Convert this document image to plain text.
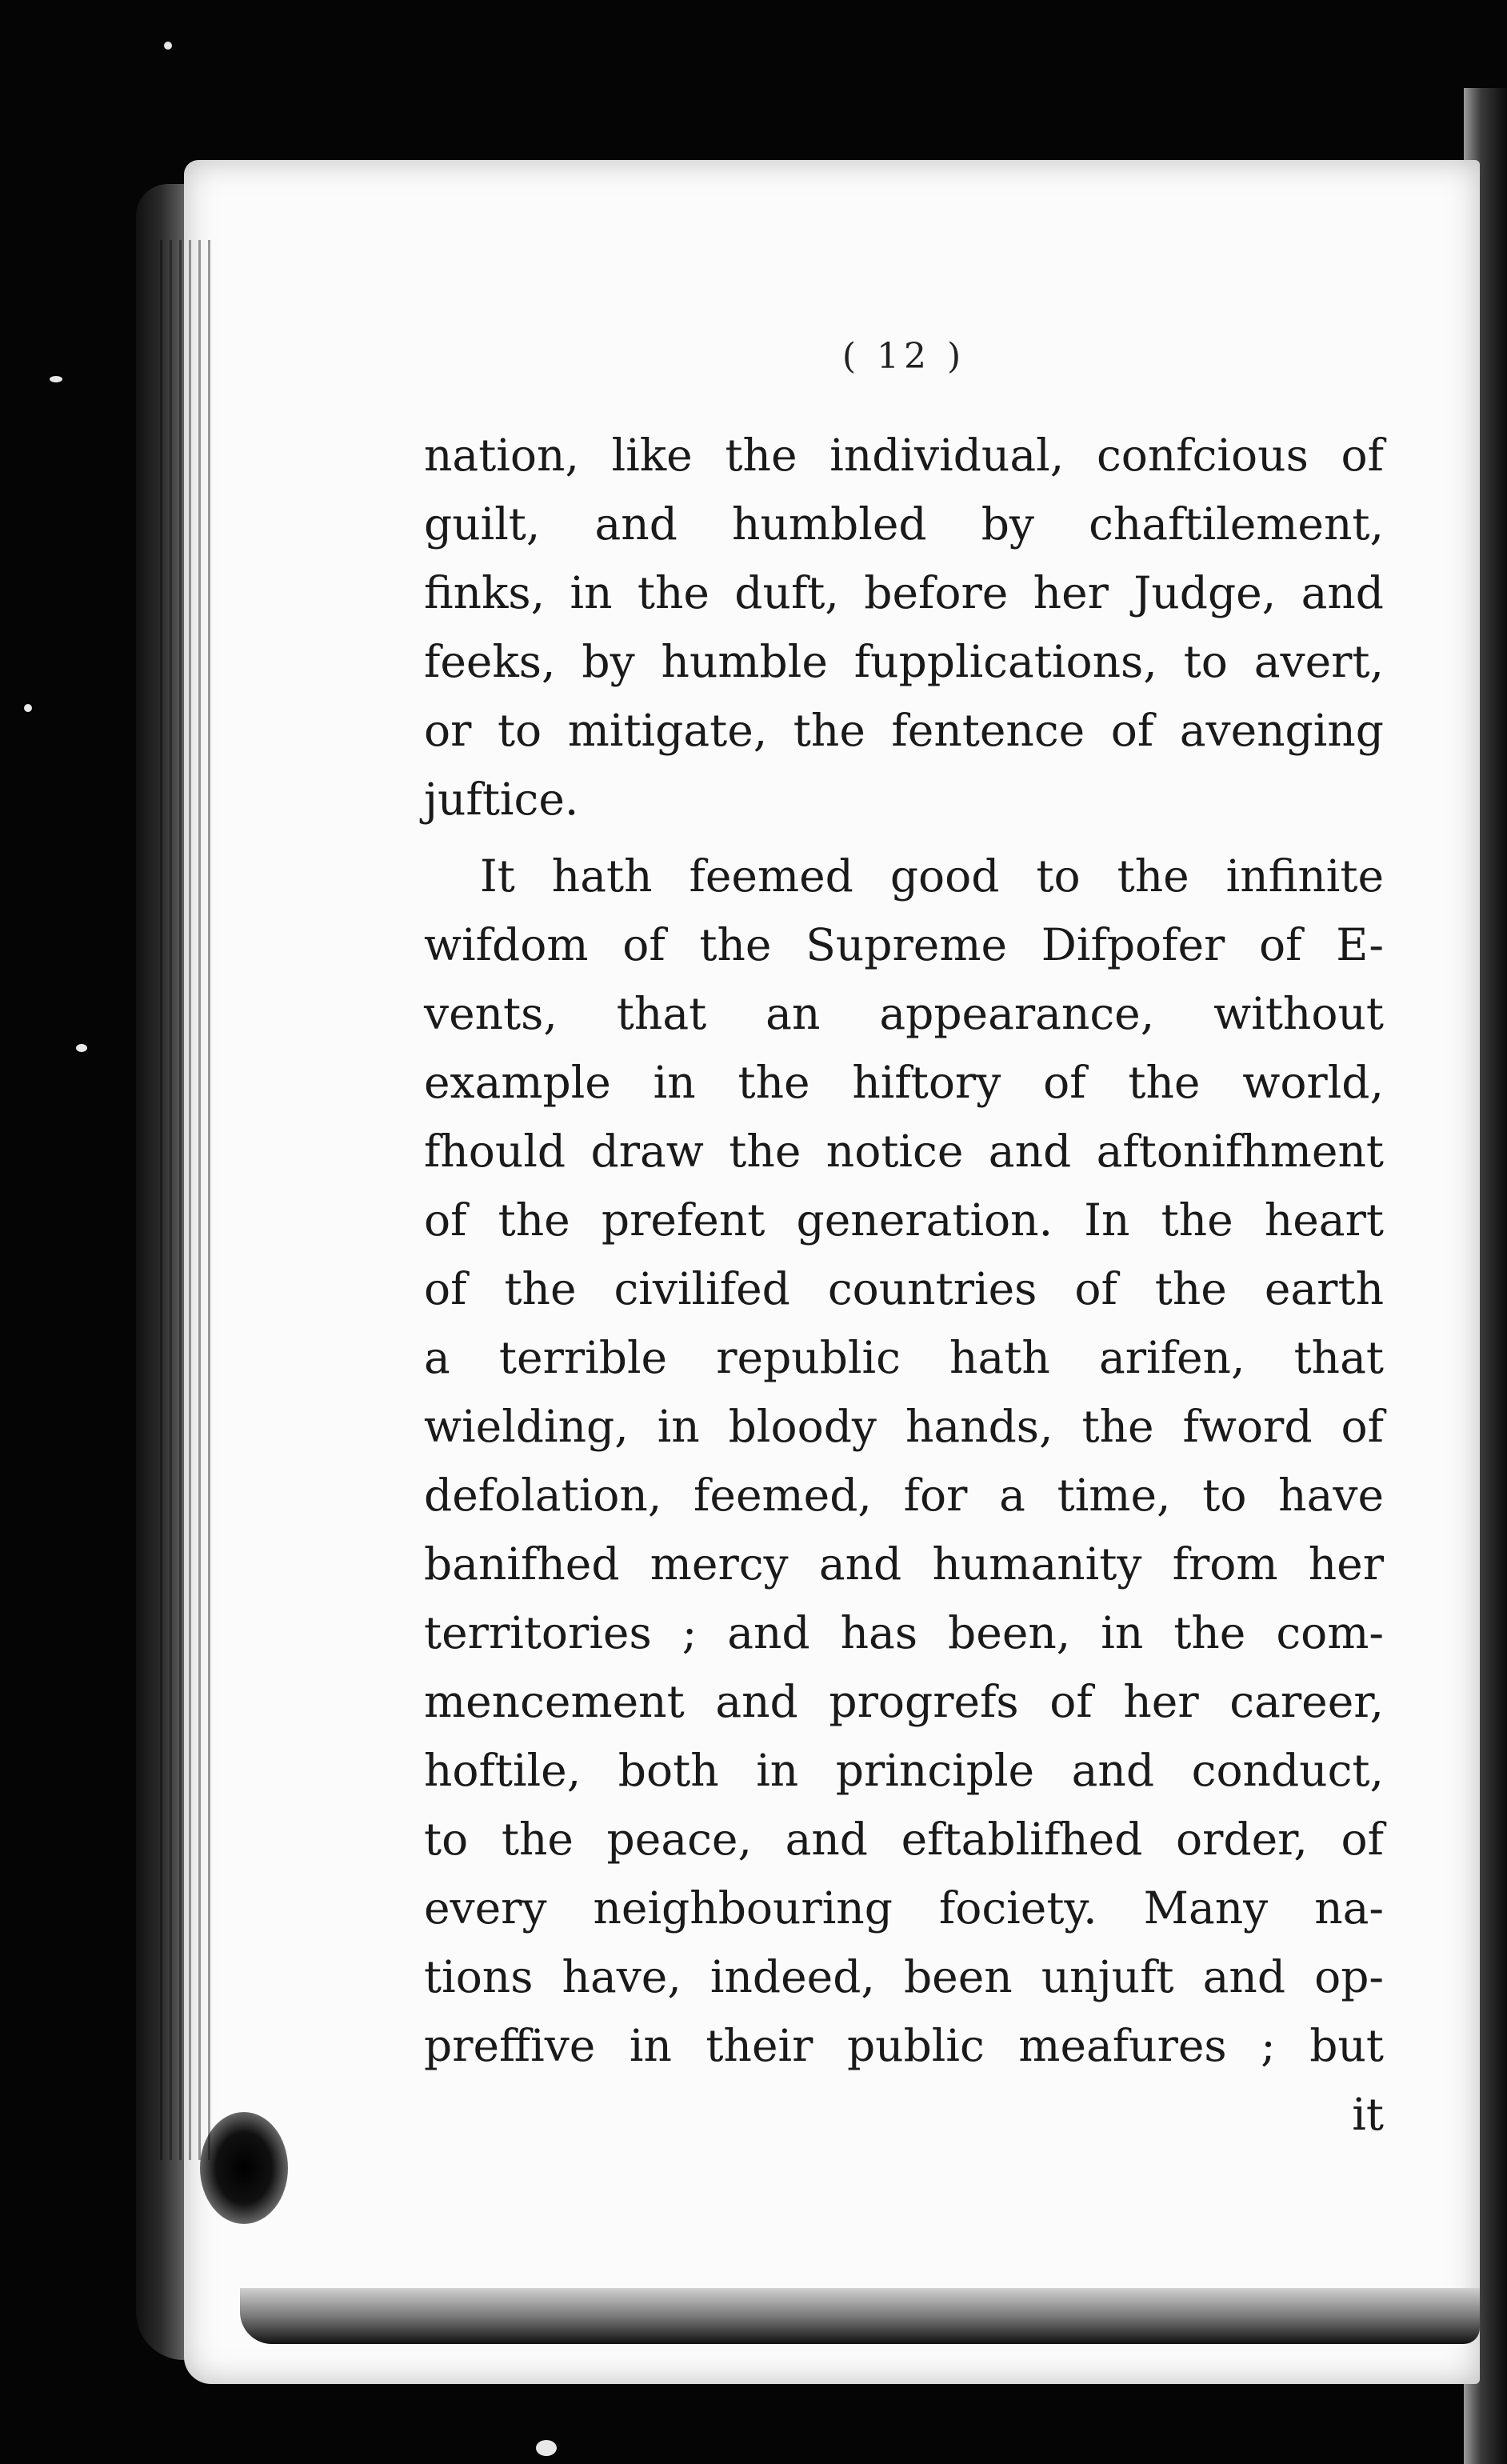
( 12 )
nation, like the individual, confcious of
guilt, and humbled by chaftilement,
finks, in the duft, before her Judge, and
feeks, by humble fupplications, to avert,
or to mitigate, the fentence of avenging
juftice.
It hath feemed good to the infinite
wifdom of the Supreme Difpofer of E-
vents, that an appearance, without
example in the hiftory of the world,
fhould draw the notice and aftonifhment
of the prefent generation. In the heart
of the civilifed countries of the earth
a terrible republic hath arifen, that
wielding, in bloody hands, the fword of
defolation, feemed, for a time, to have
banifhed mercy and humanity from her
territories ; and has been, in the com-
mencement and progrefs of her career,
hoftile, both in principle and conduct,
to the peace, and eftablifhed order, of
every neighbouring fociety. Many na-
tions have, indeed, been unjuft and op-
preffive in their public meafures ; but
it
